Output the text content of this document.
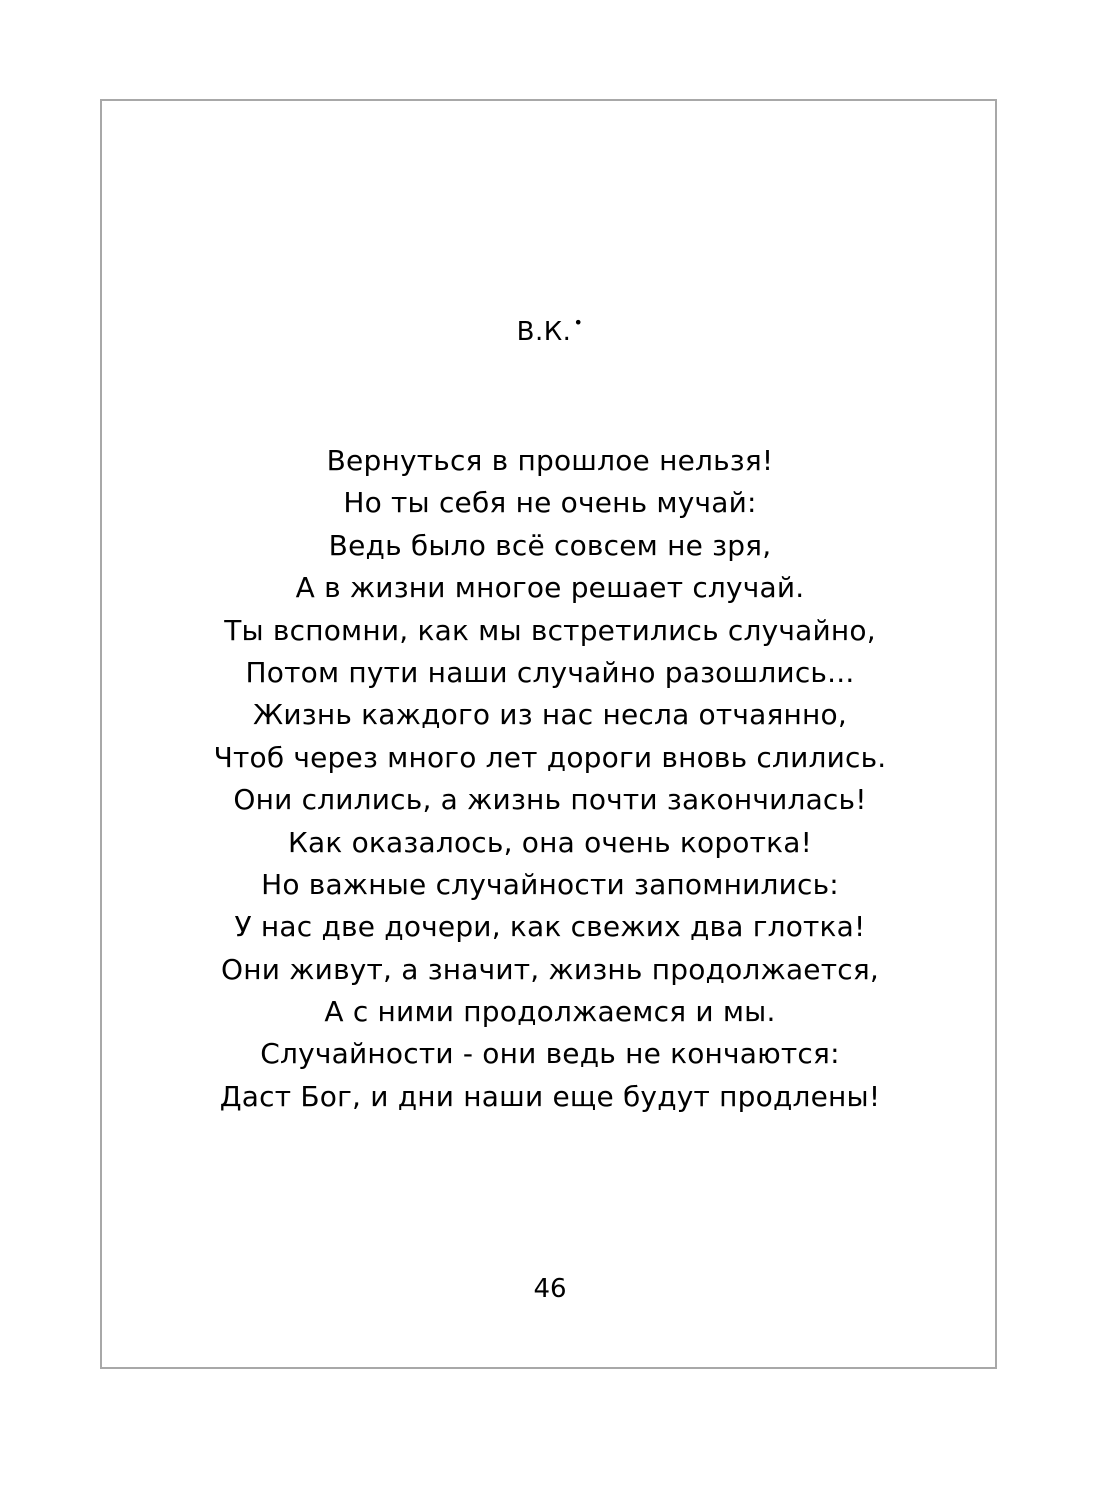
В.К. •
Вернуться в прошлое нельзя!
Но ты себя не очень мучай:
Ведь было всё совсем не зря,
А в жизни многое решает случай.
Ты вспомни, как мы встретились случайно,
Потом пути наши случайно разошлись...
Жизнь каждого из нас несла отчаянно,
Чтоб через много лет дороги вновь слились.
Они слились, а жизнь почти закончилась!
Как оказалось, она очень коротка!
Но важные случайности запомнились:
У нас две дочери, как свежих два глотка!
Они живут, а значит, жизнь продолжается,
А с ними продолжаемся и мы.
Случайности - они ведь не кончаются:
Даст Бог, и дни наши еще будут продлены!
46
